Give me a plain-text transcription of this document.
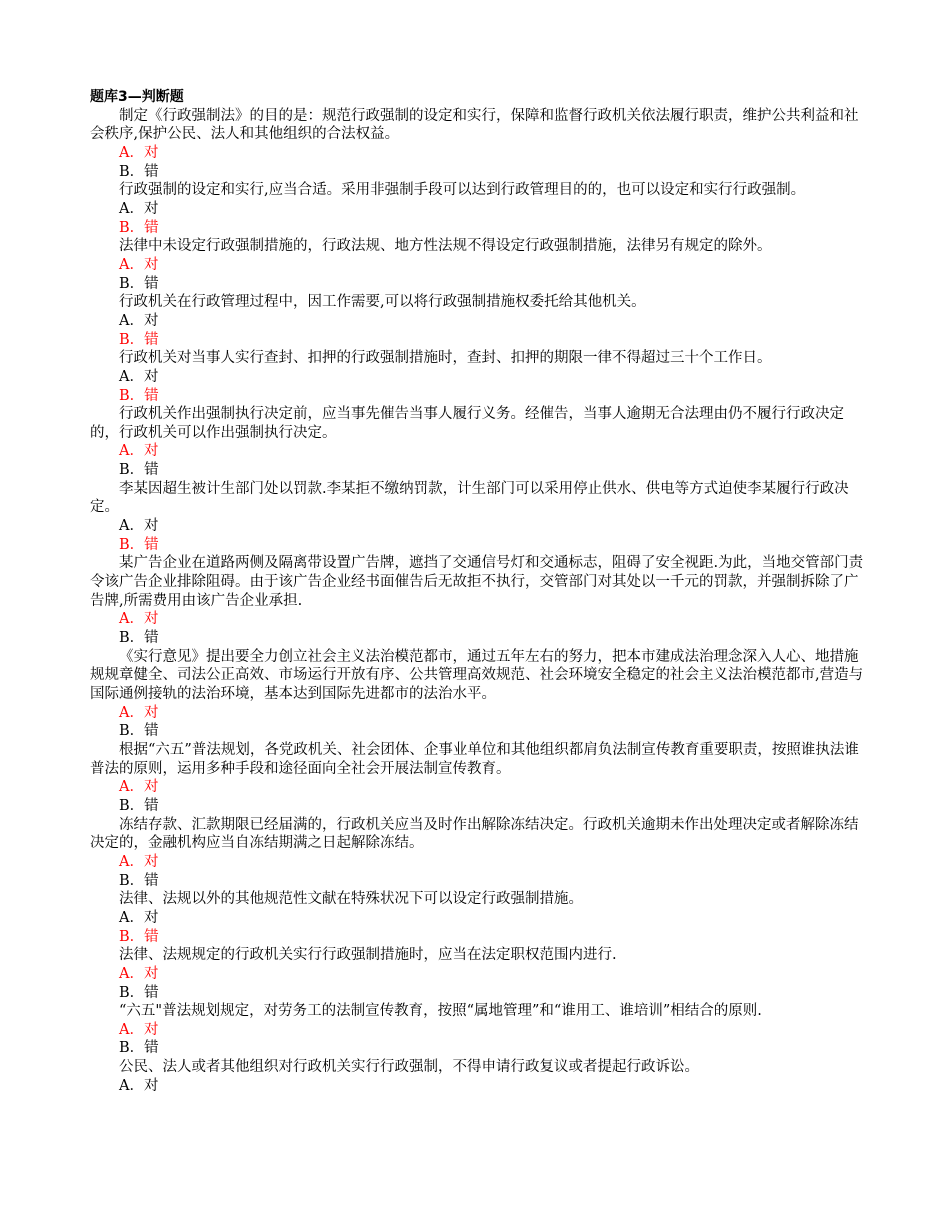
题库3—判断题

制定《行政强制法》的目的是：规范行政强制的设定和实行，保障和监督行政机关依法履行职责，维护公共利益和社会秩序,保护公民、法人和其他组织的合法权益。

A．对

B．错

行政强制的设定和实行,应当合适。采用非强制手段可以达到行政管理目的的，也可以设定和实行行政强制。

A．对

B．错

法律中未设定行政强制措施的，行政法规、地方性法规不得设定行政强制措施，法律另有规定的除外。

A．对

B．错

行政机关在行政管理过程中，因工作需要,可以将行政强制措施权委托给其他机关。

A．对

B．错

行政机关对当事人实行查封、扣押的行政强制措施时，查封、扣押的期限一律不得超过三十个工作日。

A．对

B．错

行政机关作出强制执行决定前，应当事先催告当事人履行义务。经催告，当事人逾期无合法理由仍不履行行政决定的，行政机关可以作出强制执行决定。

A．对

B．错

李某因超生被计生部门处以罚款.李某拒不缴纳罚款，计生部门可以采用停止供水、供电等方式迫使李某履行行政决定。

A．对

B．错

某广告企业在道路两侧及隔离带设置广告牌，遮挡了交通信号灯和交通标志，阻碍了安全视距.为此，当地交管部门责令该广告企业排除阻碍。由于该广告企业经书面催告后无故拒不执行，交管部门对其处以一千元的罚款，并强制拆除了广告牌,所需费用由该广告企业承担.

A．对

B．错

《实行意见》提出要全力创立社会主义法治模范都市，通过五年左右的努力，把本市建成法治理念深入人心、地措施规规章健全、司法公正高效、市场运行开放有序、公共管理高效规范、社会环境安全稳定的社会主义法治模范都市,营造与国际通例接轨的法治环境，基本达到国际先进都市的法治水平。

A．对

B．错

根据“六五”普法规划，各党政机关、社会团体、企事业单位和其他组织都肩负法制宣传教育重要职责，按照谁执法谁普法的原则，运用多种手段和途径面向全社会开展法制宣传教育。

A．对

B．错

冻结存款、汇款期限已经届满的，行政机关应当及时作出解除冻结决定。行政机关逾期未作出处理决定或者解除冻结决定的，金融机构应当自冻结期满之日起解除冻结。

A．对

B．错

法律、法规以外的其他规范性文献在特殊状况下可以设定行政强制措施。

A．对

B．错

法律、法规规定的行政机关实行行政强制措施时，应当在法定职权范围内进行.

A．对

B．错

“六五"普法规划规定，对劳务工的法制宣传教育，按照“属地管理”和“谁用工、谁培训”相结合的原则.

A．对

B．错

公民、法人或者其他组织对行政机关实行行政强制，不得申请行政复议或者提起行政诉讼。

A．对
